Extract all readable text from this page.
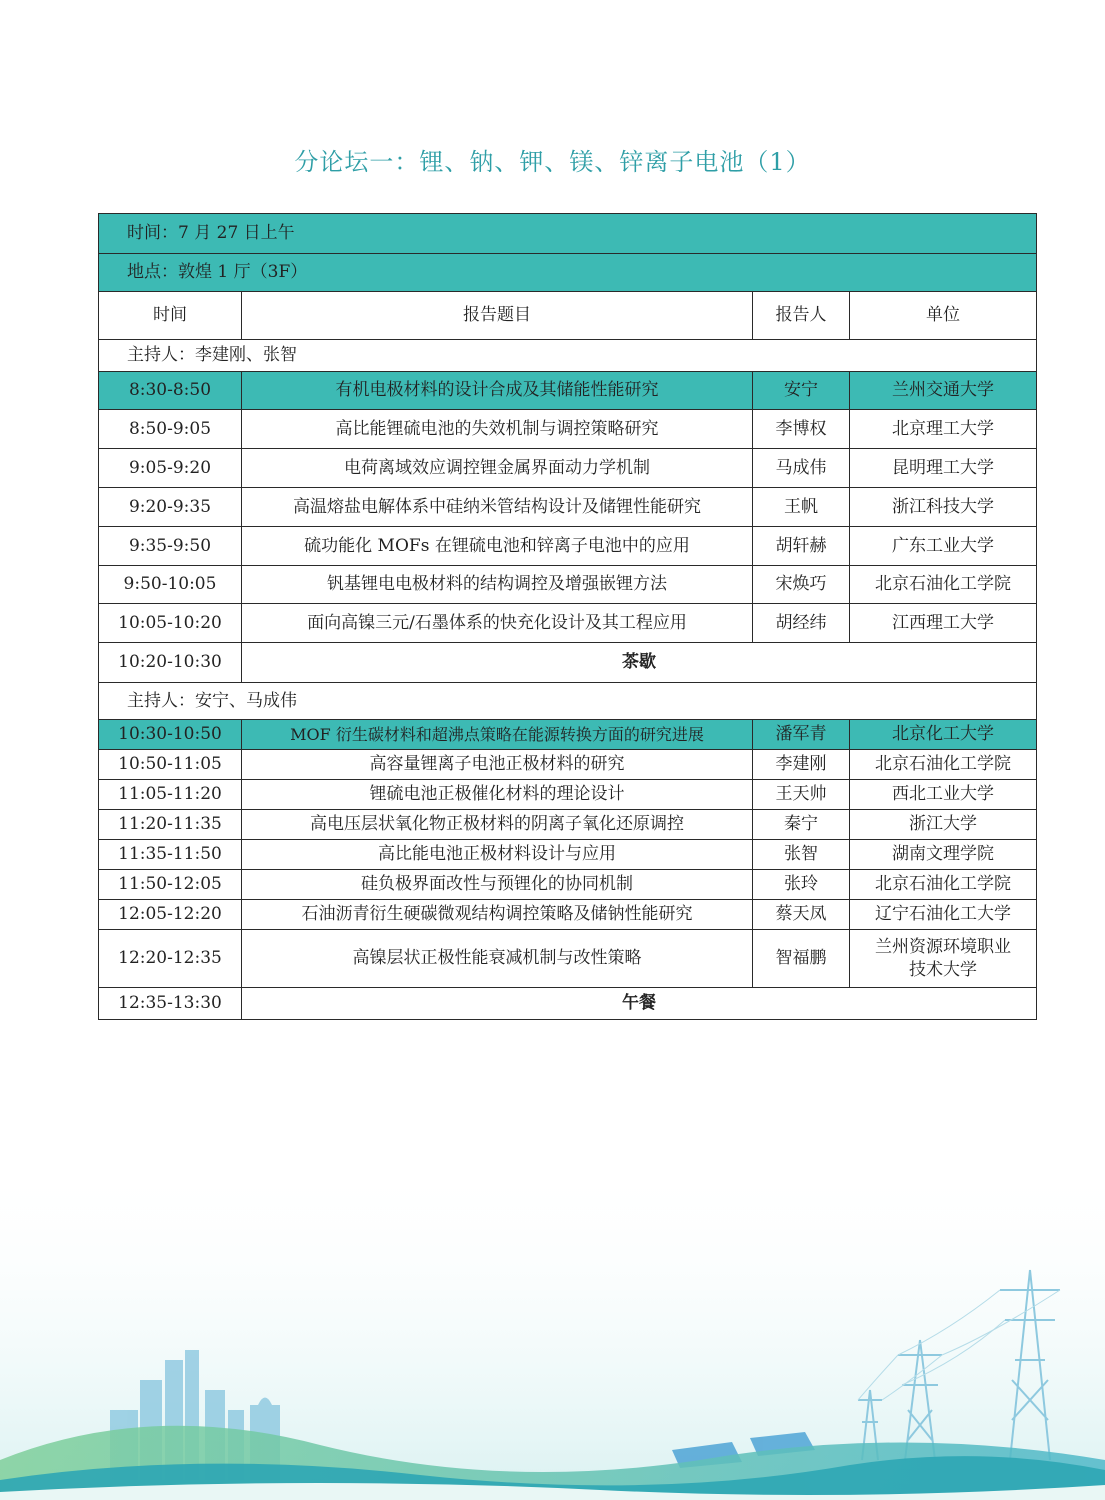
分论坛一：锂、钠、钾、镁、锌离子电池（1）
时间：7 月 27 日上午			
地点：敦煌 1 厅（3F）			
时间	报告题目	报告人	单位
主持人：李建刚、张智			
8:30-8:50	有机电极材料的设计合成及其储能性能研究	安宁	兰州交通大学
8:50-9:05	高比能锂硫电池的失效机制与调控策略研究	李博权	北京理工大学
9:05-9:20	电荷离域效应调控锂金属界面动力学机制	马成伟	昆明理工大学
9:20-9:35	高温熔盐电解体系中硅纳米管结构设计及储锂性能研究	王帆	浙江科技大学
9:35-9:50	硫功能化 MOFs 在锂硫电池和锌离子电池中的应用	胡轩赫	广东工业大学
9:50-10:05	钒基锂电电极材料的结构调控及增强嵌锂方法	宋焕巧	北京石油化工学院
10:05-10:20	面向高镍三元/石墨体系的快充化设计及其工程应用	胡经纬	江西理工大学
10:20-10:30	茶歇		
主持人：安宁、马成伟			
10:30-10:50	MOF 衍生碳材料和超沸点策略在能源转换方面的研究进展	潘军青	北京化工大学
10:50-11:05	高容量锂离子电池正极材料的研究	李建刚	北京石油化工学院
11:05-11:20	锂硫电池正极催化材料的理论设计	王天帅	西北工业大学
11:20-11:35	高电压层状氧化物正极材料的阴离子氧化还原调控	秦宁	浙江大学
11:35-11:50	高比能电池正极材料设计与应用	张智	湖南文理学院
11:50-12:05	硅负极界面改性与预锂化的协同机制	张玲	北京石油化工学院
12:05-12:20	石油沥青衍生硬碳微观结构调控策略及储钠性能研究	蔡天凤	辽宁石油化工大学
12:20-12:35	高镍层状正极性能衰减机制与改性策略	智福鹏	兰州资源环境职业
技术大学

12:35-13:30	午餐		
